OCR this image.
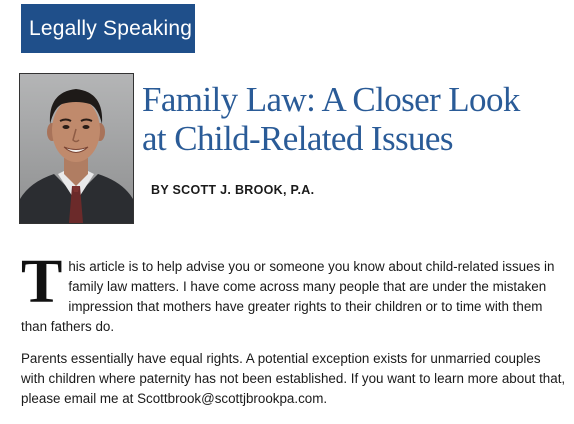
Legally Speaking
Family Law: A Closer Look
at Child-Related Issues

BY SCOTT J. BROOK, P.A.

This article is to help advise you or someone you know about child-related issues in family law matters. I have come across many people that are under the mistaken impression that mothers have greater rights to their children or to time with them than fathers do.

Parents essentially have equal rights. A potential exception exists for unmarried couples with children where paternity has not been established. If you want to learn more about that, please email me at Scottbrook@scottjbrookpa.com.
